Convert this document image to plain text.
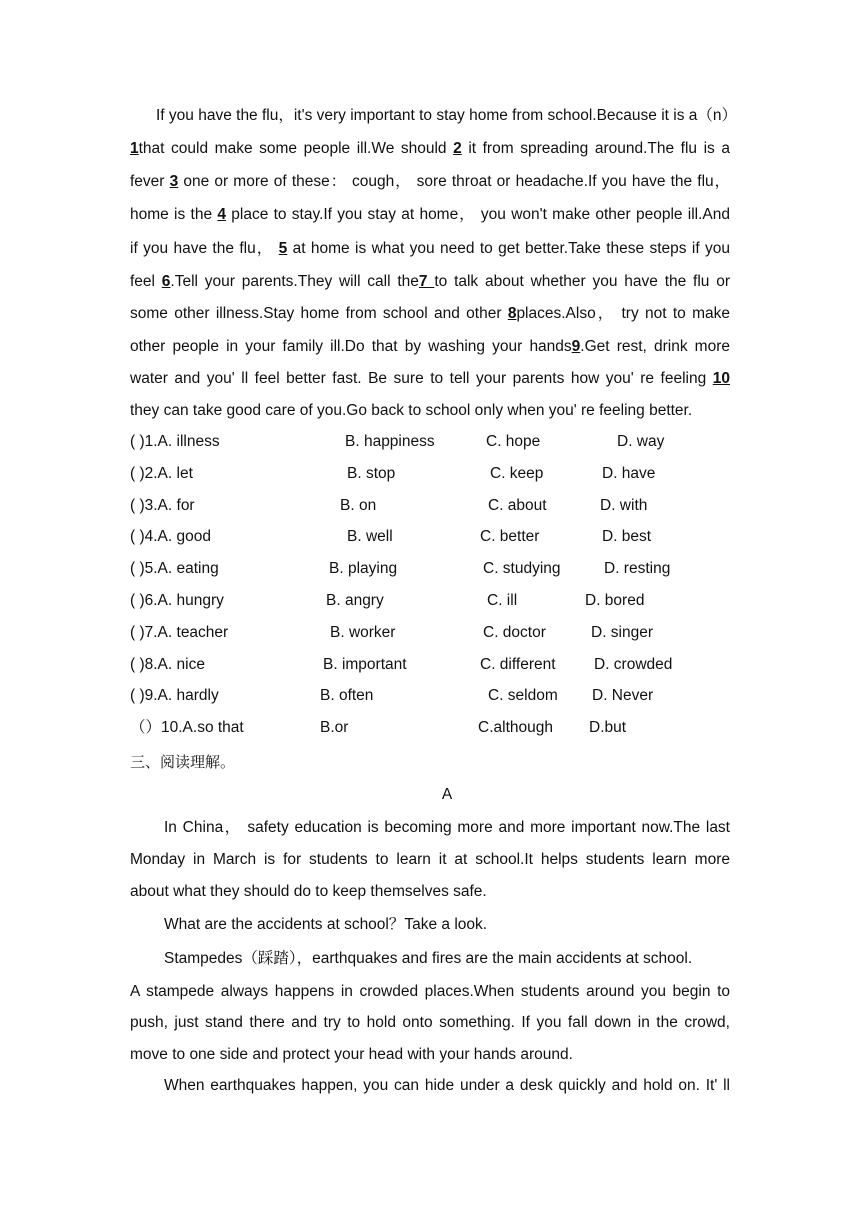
If you have the flu，it's very important to stay home from school.Because it is a（n）
1that could make some people ill.We should 2 it from spreading around.The flu is a
fever 3 one or more of these： cough， sore throat or headache.If you have the flu，
home is the 4 place to stay.If you stay at home， you won't make other people ill.And
if you have the flu， 5 at home is what you need to get better.Take these steps if you
feel 6.Tell your parents.They will call the7 to talk about whether you have the flu or
some other illness.Stay home from school and other 8places.Also， try not to make
other people in your family ill.Do that by washing your hands9.Get rest, drink more
water and you' ll feel better fast. Be sure to tell your parents how you' re feeling 10
they can take good care of you.Go back to school only when you' re feeling better.
( )1.A. illness	B. happiness	C. hope	D. way
( )2.A. let	B. stop	C. keep	D. have
( )3.A. for	B. on	C. about	D. with
( )4.A. good	B. well	C. better	D. best
( )5.A. eating	B. playing	C. studying	D. resting
( )6.A. hungry	B. angry	C. ill	D. bored
( )7.A. teacher	B. worker	C. doctor	D. singer
( )8.A. nice	B. important	C. different D. crowded
( )9.A. hardly	B. often	C. seldom D. Never
（）10.A.so that	B.or	C.although D.but
三、阅读理解。
A
In China， safety education is becoming more and more important now.The last
Monday in March is for students to learn it at school.It helps students learn more
about what they should do to keep themselves safe.
What are the accidents at school？Take a look.
Stampedes（踩踏），earthquakes and fires are the main accidents at school.
A stampede always happens in crowded places.When students around you begin to
push, just stand there and try to hold onto something. If you fall down in the crowd,
move to one side and protect your head with your hands around.
When earthquakes happen, you can hide under a desk quickly and hold on. It' ll
